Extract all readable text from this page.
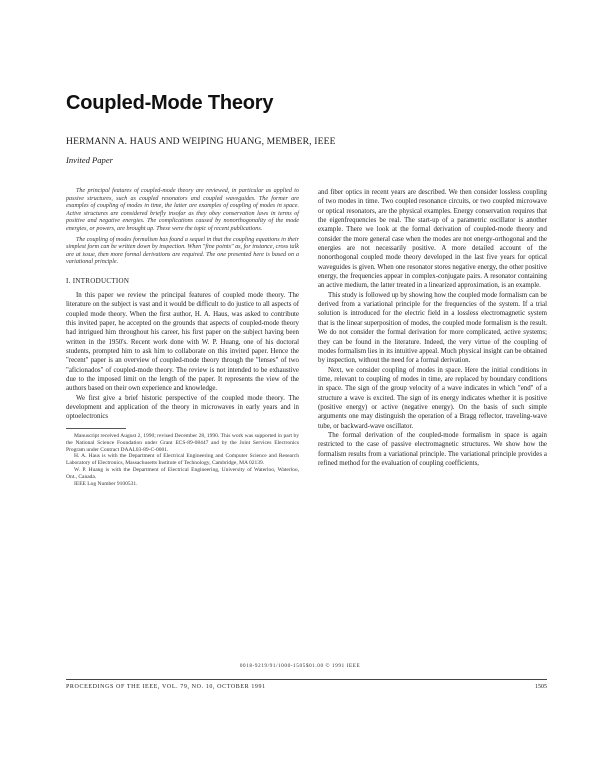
Coupled-Mode Theory
HERMANN A. HAUS AND WEIPING HUANG, MEMBER, IEEE
Invited Paper

The principal features of coupled-mode theory are reviewed, in particular as applied to passive structures, such as coupled resonators and coupled waveguides. The former are examples of coupling of modes in time, the latter are examples of coupling of modes in space. Active structures are considered briefly insofar as they obey conservation laws in terms of positive and negative energies. The complications caused by nonorthogonality of the mode energies, or powers, are brought up. These were the topic of recent publications.

The coupling of modes formalism has found a sequel in that the coupling equations in their simplest form can be written down by inspection. When "fine points" as, for instance, cross talk are at issue, then more formal derivations are required. The one presented here is based on a variational principle.

I. INTRODUCTION

In this paper we review the principal features of coupled mode theory. The literature on the subject is vast and it would be difficult to do justice to all aspects of coupled mode theory. When the first author, H. A. Haus, was asked to contribute this invited paper, he accepted on the grounds that aspects of coupled-mode theory had intrigued him throughout his career, his first paper on the subject having been written in the 1950's. Recent work done with W. P. Huang, one of his doctoral students, prompted him to ask him to collaborate on this invited paper. Hence the "recent" paper is an overview of coupled-mode theory through the "lenses" of two "aficionados" of coupled-mode theory. The review is not intended to be exhaustive due to the imposed limit on the length of the paper. It represents the view of the authors based on their own experience and knowledge.

We first give a brief historic perspective of the coupled mode theory. The development and application of the theory in microwaves in early years and in optoelectronics

Manuscript received August 2, 1990; revised December 28, 1990. This work was supported in part by the National Science Foundation under Grant ECS-89-08447 and by the Joint Services Electronics Program under Contract DAAL03-89-C-0001.

H. A. Haus is with the Department of Electrical Engineering and Computer Science and Research Laboratory of Electronics, Massachusetts Institute of Technology, Cambridge, MA 02139.

W. P. Huang is with the Department of Electrical Engineering, University of Waterloo, Waterloo, Ont., Canada.

IEEE Log Number 9100531.

and fiber optics in recent years are described. We then consider lossless coupling of two modes in time. Two coupled resonance circuits, or two coupled microwave or optical resonators, are the physical examples. Energy conservation requires that the eigenfrequencies be real. The start-up of a parametric oscillator is another example. There we look at the formal derivation of coupled-mode theory and consider the more general case when the modes are not energy-orthogonal and the energies are not necessarily positive. A more detailed account of the nonorthogonal coupled mode theory developed in the last five years for optical waveguides is given. When one resonator stores negative energy, the other positive energy, the frequencies appear in complex-conjugate pairs. A resonator containing an active medium, the latter treated in a linearized approximation, is an example.

This study is followed up by showing how the coupled mode formalism can be derived from a variational principle for the frequencies of the system. If a trial solution is introduced for the electric field in a lossless electromagnetic system that is the linear superposition of modes, the coupled mode formalism is the result. We do not consider the formal derivation for more complicated, active systems; they can be found in the literature. Indeed, the very virtue of the coupling of modes formalism lies in its intuitive appeal. Much physical insight can be obtained by inspection, without the need for a formal derivation.

Next, we consider coupling of modes in space. Here the initial conditions in time, relevant to coupling of modes in time, are replaced by boundary conditions in space. The sign of the group velocity of a wave indicates in which "end" of a structure a wave is excited. The sign of its energy indicates whether it is positive (positive energy) or active (negative energy). On the basis of such simple arguments one may distinguish the operation of a Bragg reflector, traveling-wave tube, or backward-wave oscillator.

The formal derivation of the coupled-mode formalism in space is again restricted to the case of passive electromagnetic structures. We show how the formalism results from a variational principle. The variational principle provides a refined method for the evaluation of coupling coefficients,

0018-9219/91/1000-1505$01.00 © 1991 IEEE
PROCEEDINGS OF THE IEEE, VOL. 79, NO. 10, OCTOBER 1991	1505
